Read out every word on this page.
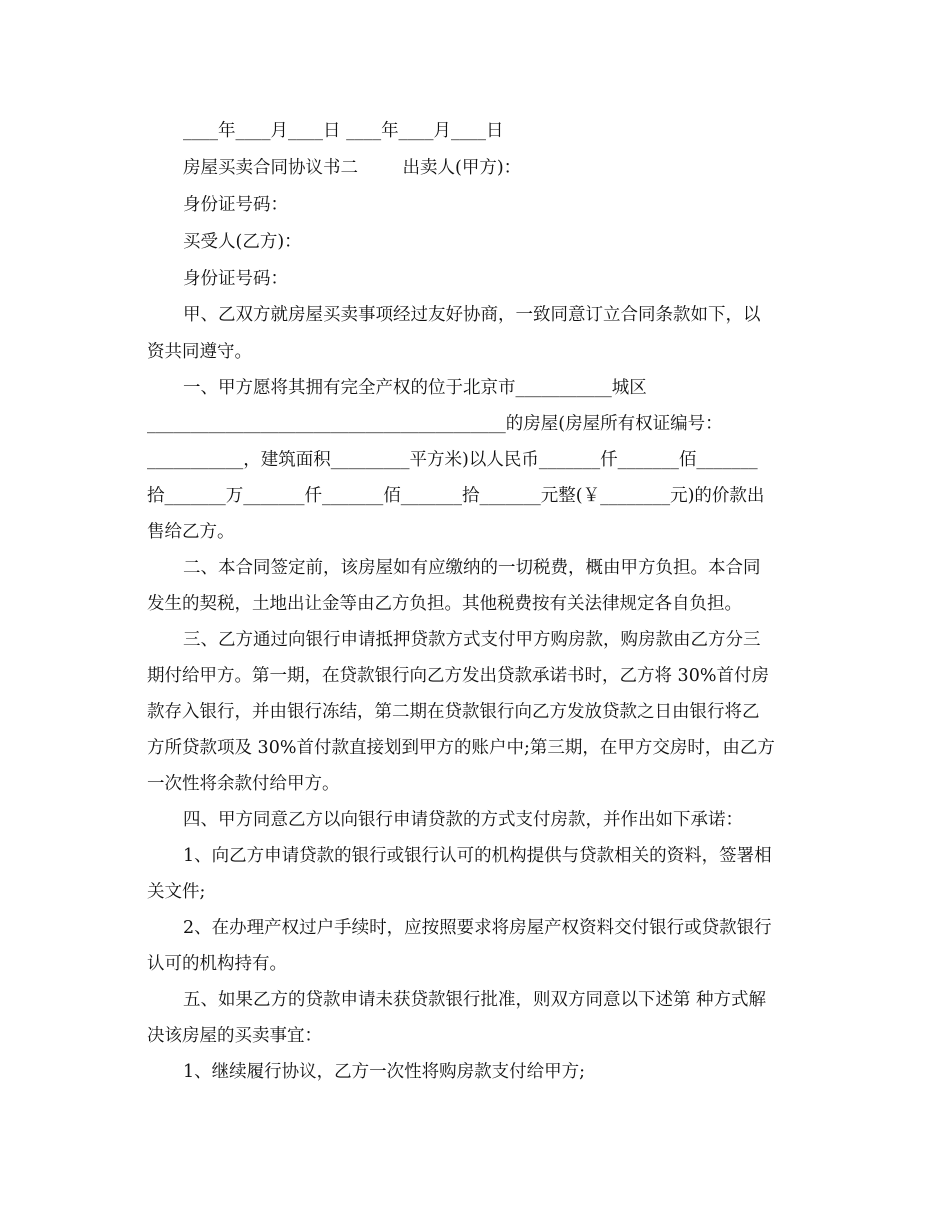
____年____月____日 ____年____月____日
房屋买卖合同协议书二        出卖人(甲方)：
身份证号码：
买受人(乙方)：
身份证号码：
甲、乙双方就房屋买卖事项经过友好协商，一致同意订立合同条款如下，以
资共同遵守。
一、甲方愿将其拥有完全产权的位于北京市___________城区
_________________________________________的房屋(房屋所有权证编号：
___________，建筑面积_________平方米)以人民币_______仟_______佰_______
拾_______万_______仟_______佰_______拾_______元整(￥________元)的价款出
售给乙方。
二、本合同签定前，该房屋如有应缴纳的一切税费，概由甲方负担。本合同
发生的契税，土地出让金等由乙方负担。其他税费按有关法律规定各自负担。
三、乙方通过向银行申请抵押贷款方式支付甲方购房款，购房款由乙方分三
期付给甲方。第一期，在贷款银行向乙方发出贷款承诺书时，乙方将 30%首付房
款存入银行，并由银行冻结，第二期在贷款银行向乙方发放贷款之日由银行将乙
方所贷款项及 30%首付款直接划到甲方的账户中;第三期，在甲方交房时，由乙方
一次性将余款付给甲方。
四、甲方同意乙方以向银行申请贷款的方式支付房款，并作出如下承诺：
1、向乙方申请贷款的银行或银行认可的机构提供与贷款相关的资料，签署相
关文件;
2、在办理产权过户手续时，应按照要求将房屋产权资料交付银行或贷款银行
认可的机构持有。
五、如果乙方的贷款申请未获贷款银行批准，则双方同意以下述第 种方式解
决该房屋的买卖事宜：
1、继续履行协议，乙方一次性将购房款支付给甲方;
